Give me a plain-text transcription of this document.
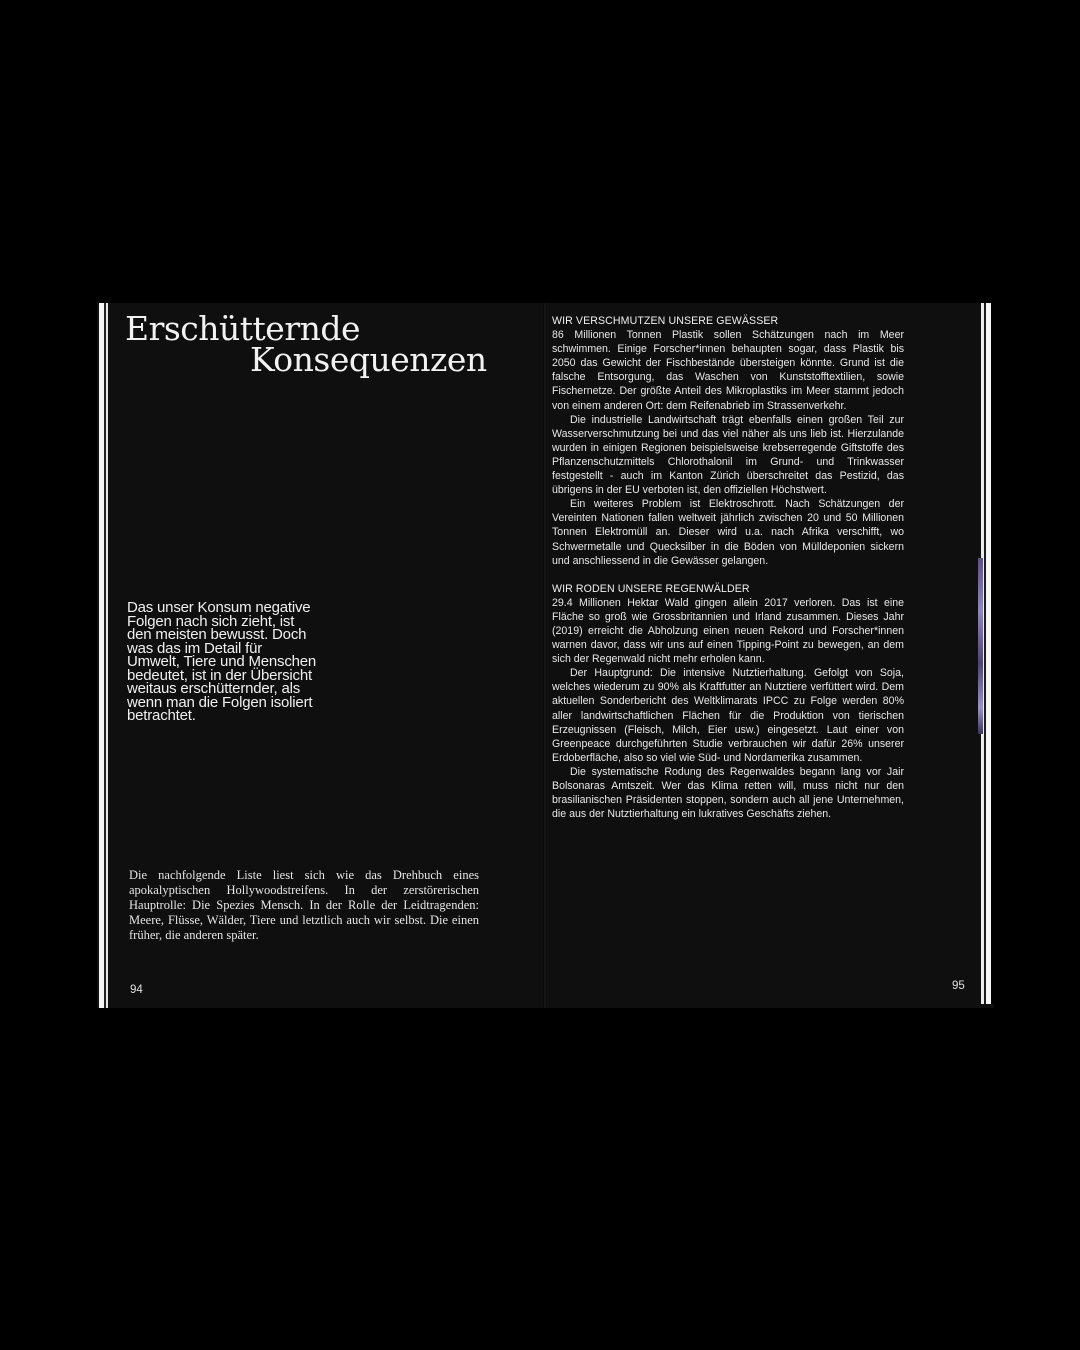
Erschütternde

Konsequenzen

Das unser Konsum negative Folgen nach sich zieht, ist den meisten bewusst. Doch was das im Detail für Umwelt, Tiere und Menschen bedeutet, ist in der Übersicht weitaus erschütternder, als wenn man die Folgen isoliert betrachtet.

Die nachfolgende Liste liest sich wie das Drehbuch eines apokalyptischen Hollywoodstreifens. In der zerstörerischen Hauptrolle: Die Spezies Mensch. In der Rolle der Leidtragenden: Meere, Flüsse, Wälder, Tiere und letztlich auch wir selbst. Die einen früher, die anderen später.

94
WIR VERSCHMUTZEN UNSERE GEWÄSSER

86 Millionen Tonnen Plastik sollen Schätzungen nach im Meer schwimmen. Einige Forscher*innen behaupten sogar, dass Plastik bis 2050 das Gewicht der Fischbestände übersteigen könnte. Grund ist die falsche Entsorgung, das Waschen von Kunststofftextilien, sowie Fischernetze. Der größte Anteil des Mikroplastiks im Meer stammt jedoch von einem anderen Ort: dem Reifenabrieb im Strassenverkehr.

Die industrielle Landwirtschaft trägt ebenfalls einen großen Teil zur Wasserverschmutzung bei und das viel näher als uns lieb ist. Hierzulande wurden in einigen Regionen beispielsweise krebserregende Giftstoffe des Pflanzenschutzmittels Chlorothalonil im Grund- und Trinkwasser festgestellt - auch im Kanton Zürich überschreitet das Pestizid, das übrigens in der EU verboten ist, den offiziellen Höchstwert.

Ein weiteres Problem ist Elektroschrott. Nach Schätzungen der Vereinten Nationen fallen weltweit jährlich zwischen 20 und 50 Millionen Tonnen Elektromüll an. Dieser wird u.a. nach Afrika verschifft, wo Schwermetalle und Quecksilber in die Böden von Mülldeponien sickern und anschliessend in die Gewässer gelangen.

WIR RODEN UNSERE REGENWÄLDER

29.4 Millionen Hektar Wald gingen allein 2017 verloren. Das ist eine Fläche so groß wie Grossbritannien und Irland zusammen. Dieses Jahr (2019) erreicht die Abholzung einen neuen Rekord und Forscher*innen warnen davor, dass wir uns auf einen Tipping-Point zu bewegen, an dem sich der Regenwald nicht mehr erholen kann.

Der Hauptgrund: Die intensive Nutztierhaltung. Gefolgt von Soja, welches wiederum zu 90% als Kraftfutter an Nutztiere verfüttert wird. Dem aktuellen Sonderbericht des Weltklimarats IPCC zu Folge werden 80% aller landwirtschaftlichen Flächen für die Produktion von tierischen Erzeugnissen (Fleisch, Milch, Eier usw.) eingesetzt. Laut einer von Greenpeace durchgeführten Studie verbrauchen wir dafür 26% unserer Erdoberfläche, also so viel wie Süd- und Nordamerika zusammen.

Die systematische Rodung des Regenwaldes begann lang vor Jair Bolsonaras Amtszeit. Wer das Klima retten will, muss nicht nur den brasilianischen Präsidenten stoppen, sondern auch all jene Unternehmen, die aus der Nutztierhaltung ein lukratives Geschäfts ziehen.

95
